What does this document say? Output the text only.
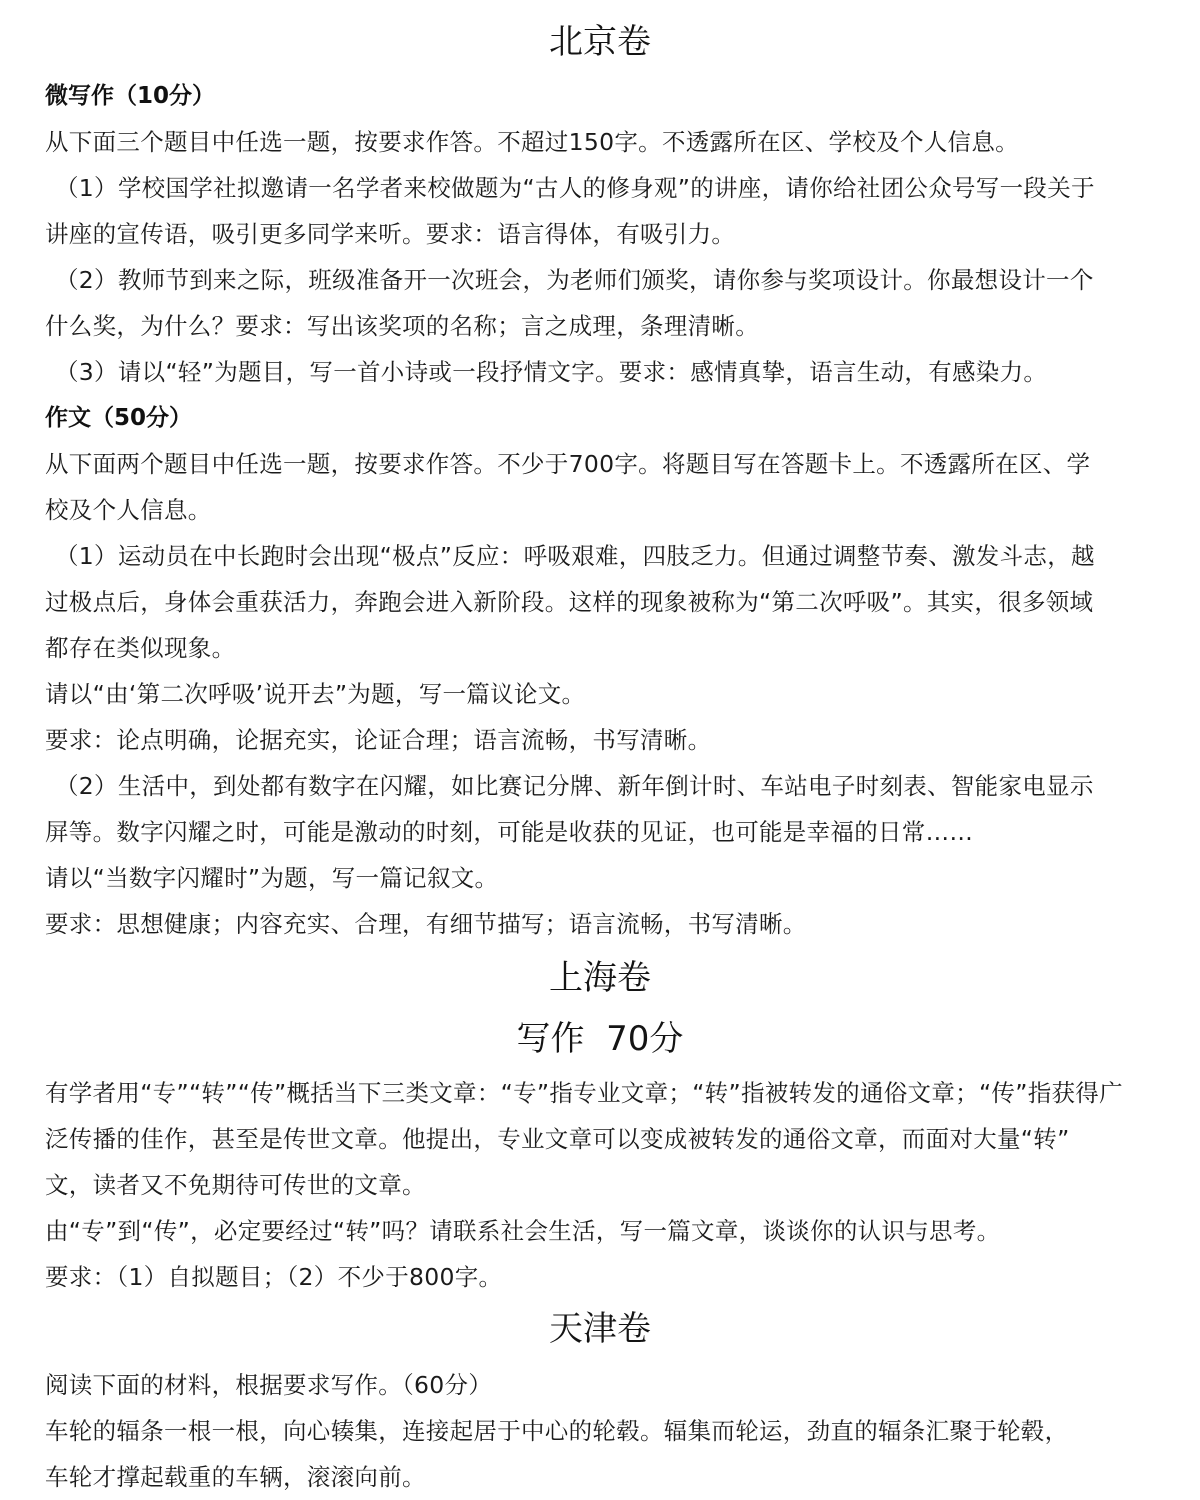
北京卷

微写作（10分）

从下面三个题目中任选一题，按要求作答。不超过150字。不透露所在区、学校及个人信息。

（1）学校国学社拟邀请一名学者来校做题为“古人的修身观”的讲座，请你给社团公众号写一段关于

讲座的宣传语，吸引更多同学来听。要求：语言得体，有吸引力。

（2）教师节到来之际，班级准备开一次班会，为老师们颁奖，请你参与奖项设计。你最想设计一个

什么奖，为什么？要求：写出该奖项的名称；言之成理，条理清晰。

（3）请以“轻”为题目，写一首小诗或一段抒情文字。要求：感情真挚，语言生动，有感染力。

作文（50分）

从下面两个题目中任选一题，按要求作答。不少于700字。将题目写在答题卡上。不透露所在区、学

校及个人信息。

（1）运动员在中长跑时会出现“极点”反应：呼吸艰难，四肢乏力。但通过调整节奏、激发斗志，越

过极点后，身体会重获活力，奔跑会进入新阶段。这样的现象被称为“第二次呼吸”。其实，很多领域

都存在类似现象。

请以“由‘第二次呼吸’说开去”为题，写一篇议论文。

要求：论点明确，论据充实，论证合理；语言流畅，书写清晰。

（2）生活中，到处都有数字在闪耀，如比赛记分牌、新年倒计时、车站电子时刻表、智能家电显示

屏等。数字闪耀之时，可能是激动的时刻，可能是收获的见证，也可能是幸福的日常……

请以“当数字闪耀时”为题，写一篇记叙文。

要求：思想健康；内容充实、合理，有细节描写；语言流畅，书写清晰。

上海卷
写作  70分

有学者用“专”“转”“传”概括当下三类文章：“专”指专业文章；“转”指被转发的通俗文章；“传”指获得广

泛传播的佳作，甚至是传世文章。他提出，专业文章可以变成被转发的通俗文章，而面对大量“转”

文，读者又不免期待可传世的文章。

由“专”到“传”，必定要经过“转”吗？请联系社会生活，写一篇文章，谈谈你的认识与思考。

要求：（1）自拟题目；（2）不少于800字。

天津卷

阅读下面的材料，根据要求写作。（60分）

车轮的辐条一根一根，向心辏集，连接起居于中心的轮毂。辐集而轮运，劲直的辐条汇聚于轮毂，

车轮才撑起载重的车辆，滚滚向前。
